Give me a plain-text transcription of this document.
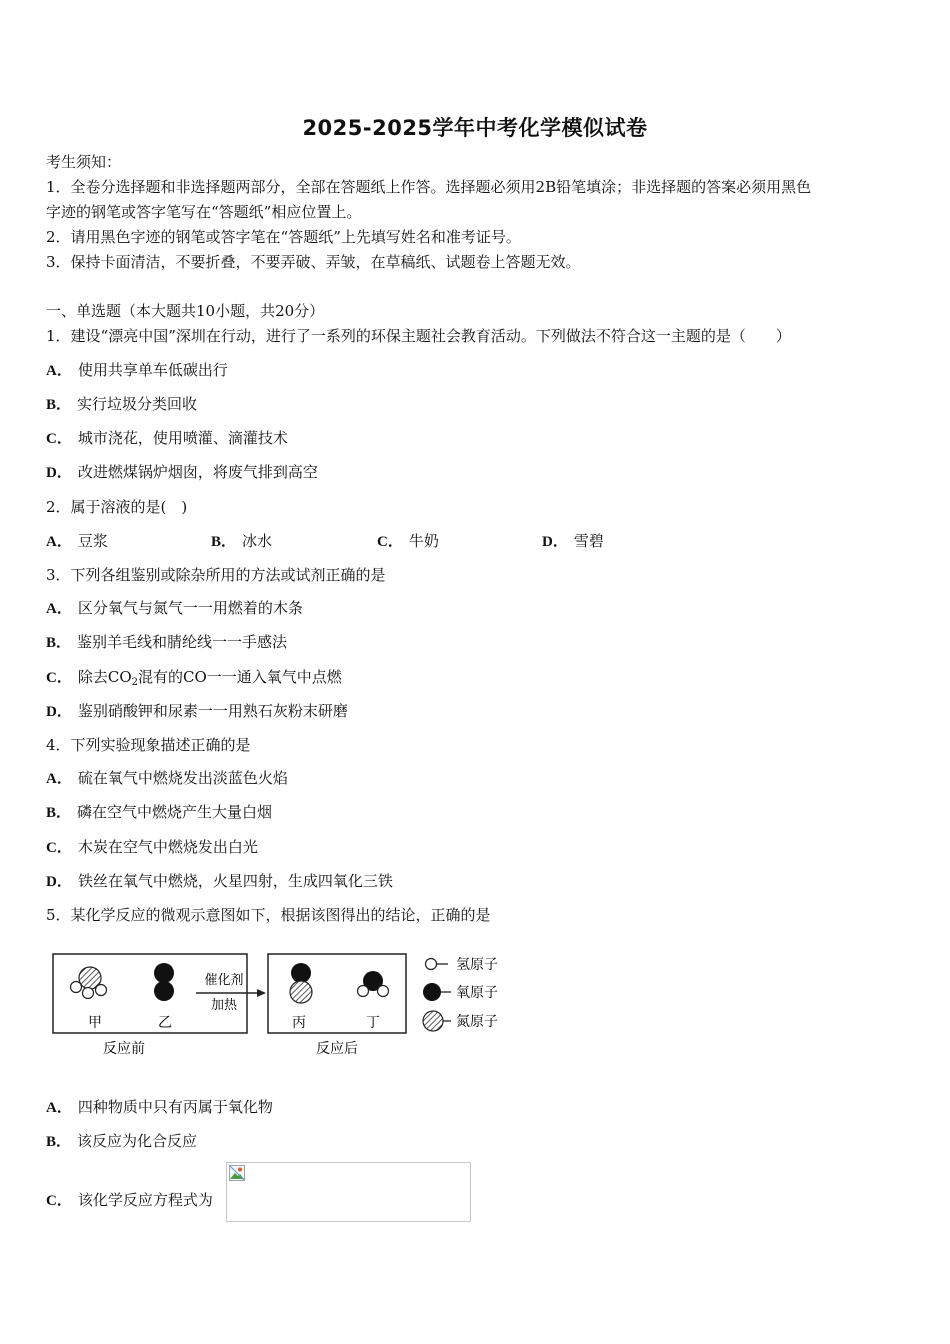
2025-2025学年中考化学模似试卷
考生须知：
1．全卷分选择题和非选择题两部分，全部在答题纸上作答。选择题必须用2B铅笔填涂；非选择题的答案必须用黑色
字迹的钢笔或答字笔写在“答题纸”相应位置上。
2．请用黑色字迹的钢笔或答字笔在“答题纸”上先填写姓名和准考证号。
3．保持卡面清洁，不要折叠，不要弄破、弄皱，在草稿纸、试题卷上答题无效。
一、单选题（本大题共10小题，共20分）
1．建设“漂亮中国”深圳在行动，进行了一系列的环保主题社会教育活动。下列做法不符合这一主题的是（　　）
A． 使用共享单车低碳出行
B． 实行垃圾分类回收
C． 城市浇花，使用喷灌、滴灌技术
D． 改进燃煤锅炉烟囱，将废气排到高空
2．属于溶液的是(　)
A． 豆浆	B． 冰水	C． 牛奶	D． 雪碧
3．下列各组鉴别或除杂所用的方法或试剂正确的是
A． 区分氧气与氮气一一用燃着的木条
B． 鉴别羊毛线和腈纶线一一手感法
C． 除去$CO_2$混有的CO一一通入氧气中点燃
D． 鉴别硝酸钾和尿素一一用熟石灰粉末研磨
4．下列实验现象描述正确的是
A． 硫在氧气中燃烧发出淡蓝色火焰
B． 磷在空气中燃烧产生大量白烟
C． 木炭在空气中燃烧发出白光
D． 铁丝在氧气中燃烧，火星四射，生成四氧化三铁
5．某化学反应的微观示意图如下，根据该图得出的结论，正确的是
甲	乙
反应前
催化剂
加热
丙	丁
反应后
氢原子
氧原子
氮原子
A． 四种物质中只有丙属于氧化物
B． 该反应为化合反应
C． 该化学反应方程式为
